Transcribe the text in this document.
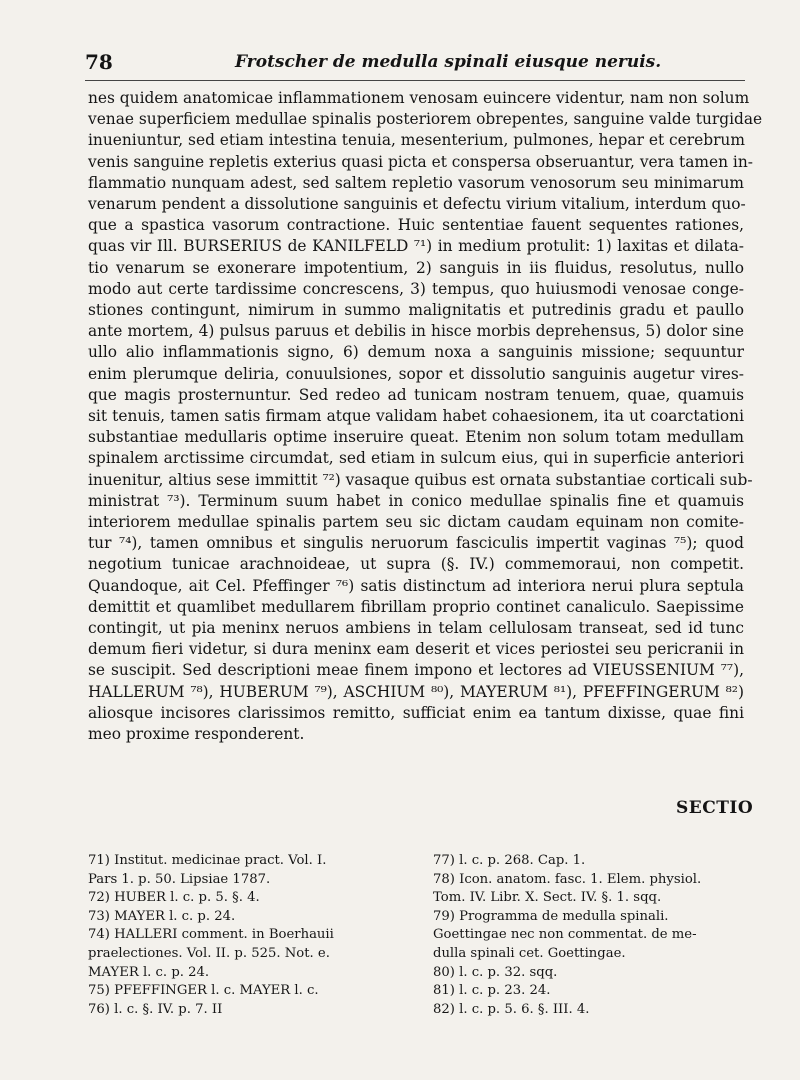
78	Frotscher de medulla spinali eiusque neruis.
nes quidem anatomicae inflammationem venosam euincere videntur, nam non solum
venae superficiem medullae spinalis posteriorem obrepentes, sanguine valde turgidae
inueniuntur, sed etiam intestina tenuia, mesenterium, pulmones, hepar et cerebrum
venis sanguine repletis exterius quasi picta et conspersa obseruantur, vera tamen in-
flammatio nunquam adest, sed saltem repletio vasorum venosorum seu minimarum
venarum pendent a dissolutione sanguinis et defectu virium vitalium, interdum quo-
que a spastica vasorum contractione. Huic sententiae fauent sequentes rationes,
quas vir Ill. BURSERIUS de KANILFELD ⁷¹) in medium protulit: 1) laxitas et dilata-
tio venarum se exonerare impotentium, 2) sanguis in iis fluidus, resolutus, nullo
modo aut certe tardissime concrescens, 3) tempus, quo huiusmodi venosae conge-
stiones contingunt, nimirum in summo malignitatis et putredinis gradu et paullo
ante mortem, 4) pulsus paruus et debilis in hisce morbis deprehensus, 5) dolor sine
ullo alio inflammationis signo, 6) demum noxa a sanguinis missione; sequuntur
enim plerumque deliria, conuulsiones, sopor et dissolutio sanguinis augetur vires-
que magis prosternuntur. Sed redeo ad tunicam nostram tenuem, quae, quamuis
sit tenuis, tamen satis firmam atque validam habet cohaesionem, ita ut coarctationi
substantiae medullaris optime inseruire queat. Etenim non solum totam medullam
spinalem arctissime circumdat, sed etiam in sulcum eius, qui in superficie anteriori
inuenitur, altius sese immittit ⁷²) vasaque quibus est ornata substantiae corticali sub-
ministrat ⁷³). Terminum suum habet in conico medullae spinalis fine et quamuis
interiorem medullae spinalis partem seu sic dictam caudam equinam non comite-
tur ⁷⁴), tamen omnibus et singulis neruorum fasciculis impertit vaginas ⁷⁵); quod
negotium tunicae arachnoideae, ut supra (§. IV.) commemoraui, non competit.
Quandoque, ait Cel. Pfeffinger ⁷⁶) satis distinctum ad interiora nerui plura septula
demittit et quamlibet medullarem fibrillam proprio continet canaliculo. Saepissime
contingit, ut pia meninx neruos ambiens in telam cellulosam transeat, sed id tunc
demum fieri videtur, si dura meninx eam deserit et vices periostei seu pericranii in
se suscipit. Sed descriptioni meae finem impono et lectores ad VIEUSSENIUM ⁷⁷),
HALLERUM ⁷⁸), HUBERUM ⁷⁹), ASCHIUM ⁸⁰), MAYERUM ⁸¹), PFEFFINGERUM ⁸²)
aliosque incisores clarissimos remitto, sufficiat enim ea tantum dixisse, quae fini
meo proxime responderent.
SECTIO
71) Institut. medicinae pract. Vol. I.
Pars 1. p. 50. Lipsiae 1787.
72) HUBER l. c. p. 5. §. 4.
73) MAYER l. c. p. 24.
74) HALLERI comment. in Boerhauii
praelectiones. Vol. II. p. 525. Not. e.
MAYER l. c. p. 24.
75) PFEFFINGER l. c. MAYER l. c.
76) l. c. §. IV. p. 7. II
77) l. c. p. 268. Cap. 1.
78) Icon. anatom. fasc. 1. Elem. physiol.
Tom. IV. Libr. X. Sect. IV. §. 1. sqq.
79) Programma de medulla spinali.
Goettingae nec non commentat. de me-
dulla spinali cet. Goettingae.
80) l. c. p. 32. sqq.
81) l. c. p. 23. 24.
82) l. c. p. 5. 6. §. III. 4.
